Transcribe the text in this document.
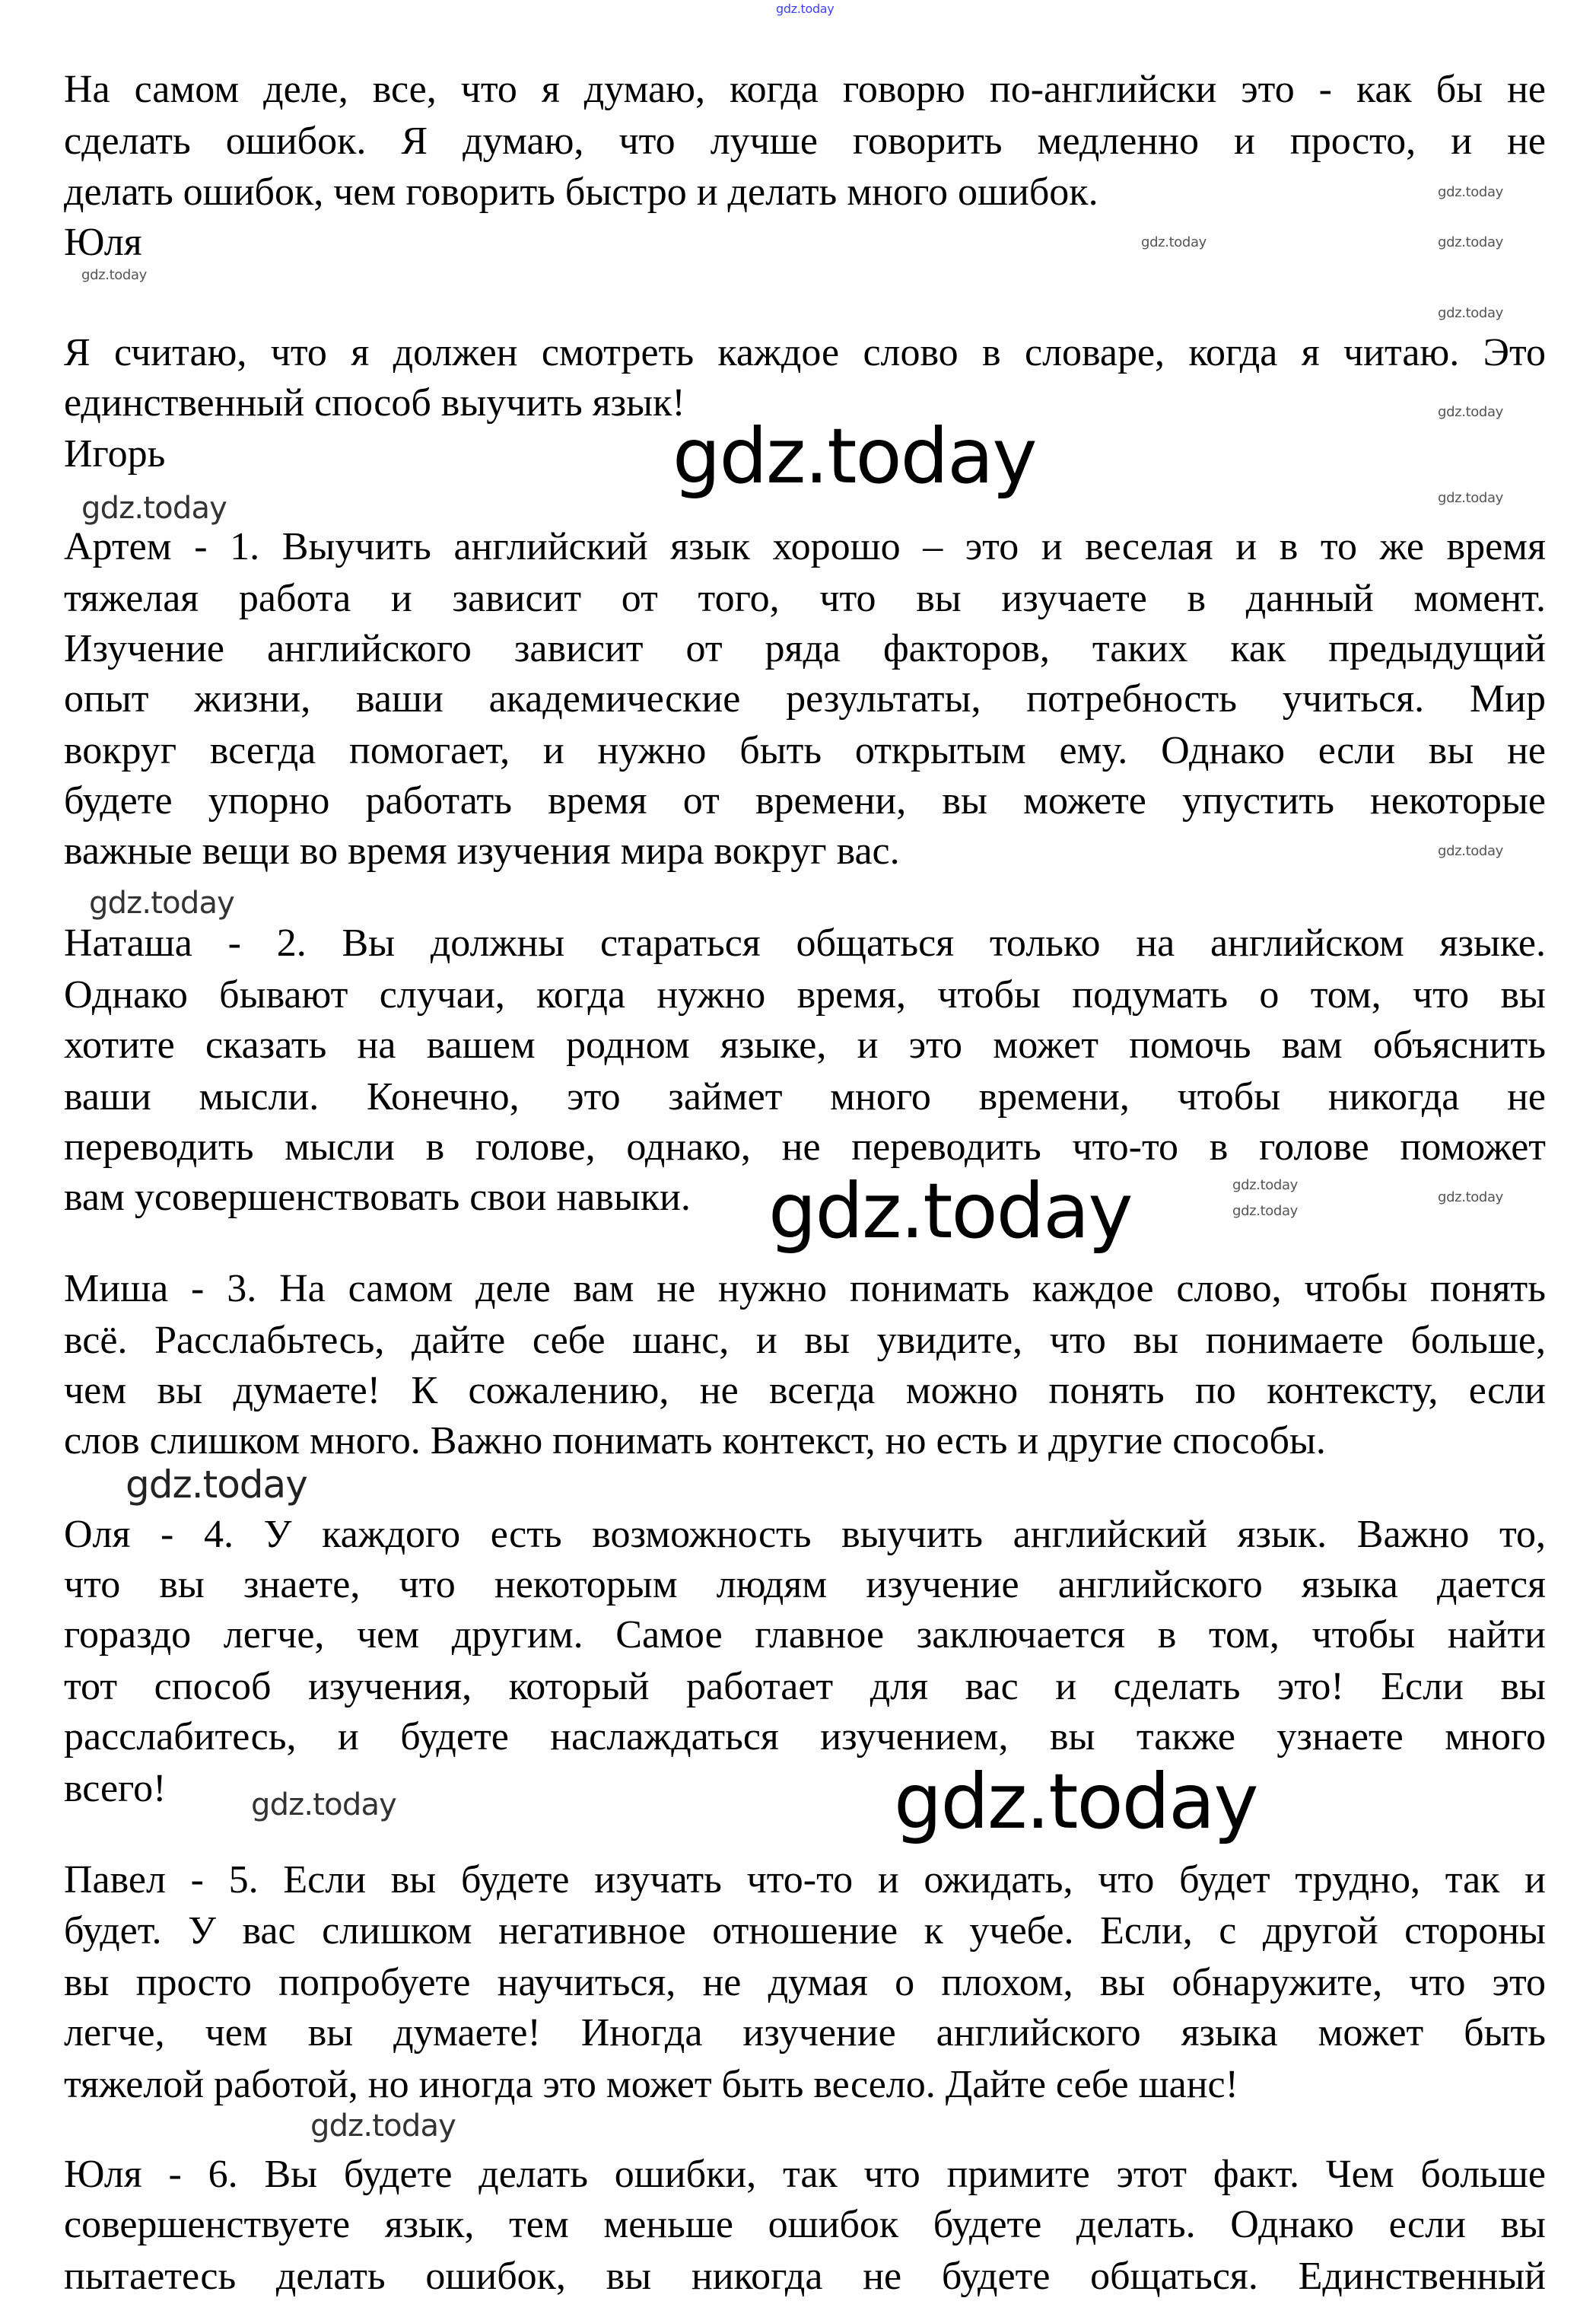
На самом деле, все, что я думаю, когда говорю по-английски это - как бы не
сделать ошибок. Я думаю, что лучше говорить медленно и просто, и не
делать ошибок, чем говорить быстро и делать много ошибок.
Юля
Я считаю, что я должен смотреть каждое слово в словаре, когда я читаю. Это
единственный способ выучить язык!
Игорь
Артем - 1. Выучить английский язык хорошо – это и веселая и в то же время
тяжелая работа и зависит от того, что вы изучаете в данный момент.
Изучение английского зависит от ряда факторов, таких как предыдущий
опыт жизни, ваши академические результаты, потребность учиться. Мир
вокруг всегда помогает, и нужно быть открытым ему. Однако если вы не
будете упорно работать время от времени, вы можете упустить некоторые
важные вещи во время изучения мира вокруг вас.
Наташа - 2. Вы должны стараться общаться только на английском языке.
Однако бывают случаи, когда нужно время, чтобы подумать о том, что вы
хотите сказать на вашем родном языке, и это может помочь вам объяснить
ваши мысли. Конечно, это займет много времени, чтобы никогда не
переводить мысли в голове, однако, не переводить что-то в голове поможет
вам усовершенствовать свои навыки.
Миша - 3. На самом деле вам не нужно понимать каждое слово, чтобы понять
всё. Расслабьтесь, дайте себе шанс, и вы увидите, что вы понимаете больше,
чем вы думаете! К сожалению, не всегда можно понять по контексту, если
слов слишком много. Важно понимать контекст, но есть и другие способы.
Оля - 4. У каждого есть возможность выучить английский язык. Важно то,
что вы знаете, что некоторым людям изучение английского языка дается
гораздо легче, чем другим. Самое главное заключается в том, чтобы найти
тот способ изучения, который работает для вас и сделать это! Если вы
расслабитесь, и будете наслаждаться изучением, вы также узнаете много
всего!
Павел - 5. Если вы будете изучать что-то и ожидать, что будет трудно, так и
будет. У вас слишком негативное отношение к учебе. Если, с другой стороны
вы просто попробуете научиться, не думая о плохом, вы обнаружите, что это
легче, чем вы думаете! Иногда изучение английского языка может быть
тяжелой работой, но иногда это может быть весело. Дайте себе шанс!
Юля - 6. Вы будете делать ошибки, так что примите этот факт. Чем больше
совершенствуете язык, тем меньше ошибок будете делать. Однако если вы
пытаетесь делать ошибок, вы никогда не будете общаться. Единственный
gdz.today
gdz.today
gdz.today
gdz.today
gdz.today
gdz.today
gdz.today
gdz.today
gdz.today
gdz.today
gdz.today
gdz.today
gdz.today
gdz.today
gdz.today
gdz.today
gdz.today
gdz.today
gdz.today
gdz.today
